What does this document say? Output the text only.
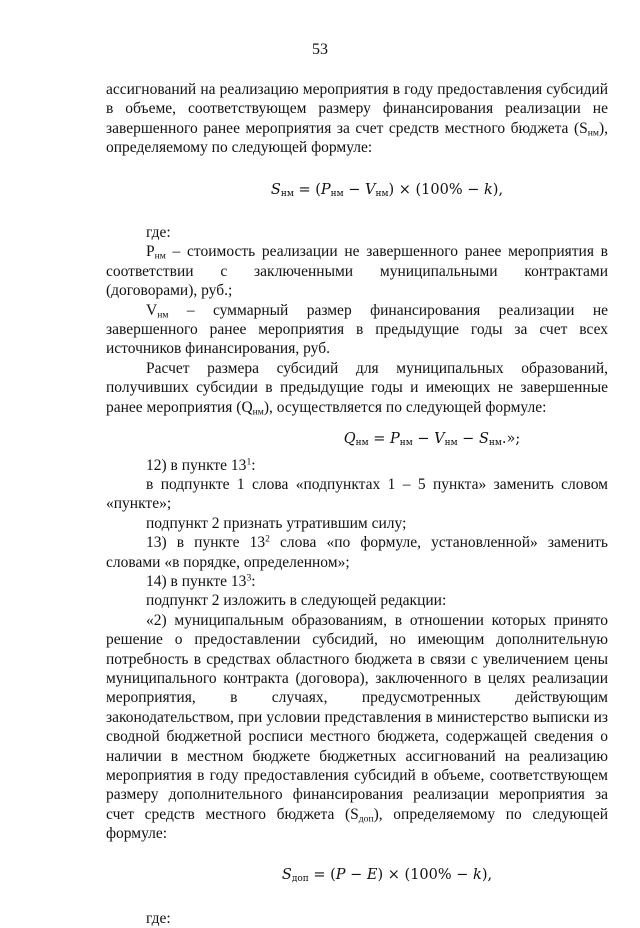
53

ассигнований на реализацию мероприятия в году предоставления субсидий в объеме, соответствующем размеру финансирования реализации не завершенного ранее мероприятия за счет средств местного бюджета $(S_{нм})$, определяемому по следующей формуле:

$S_{нм} = (P_{нм} - V_{нм}) \times (100\% - k)$,

где:

$P_{нм}$ – стоимость реализации не завершенного ранее мероприятия в соответствии с заключенными муниципальными контрактами (договорами), руб.;

$V_{нм}$ – суммарный размер финансирования реализации не завершенного ранее мероприятия в предыдущие годы за счет всех источников финансирования, руб.

Расчет размера субсидий для муниципальных образований, получивших субсидии в предыдущие годы и имеющих не завершенные ранее мероприятия $(Q_{нм})$, осуществляется по следующей формуле:

$Q_{нм} = P_{нм} - V_{нм} - S_{нм}$.»;

12) в пункте $13^1$:

в подпункте 1 слова «подпунктах 1 – 5 пункта» заменить словом «пункте»;

подпункт 2 признать утратившим силу;

13) в пункте $13^2$ слова «по формуле, установленной» заменить словами «в порядке, определенном»;

14) в пункте $13^3$:

подпункт 2 изложить в следующей редакции:

«2) муниципальным образованиям, в отношении которых принято решение о предоставлении субсидий, но имеющим дополнительную потребность в средствах областного бюджета в связи с увеличением цены муниципального контракта (договора), заключенного в целях реализации мероприятия, в случаях, предусмотренных действующим законодательством, при условии представления в министерство выписки из сводной бюджетной росписи местного бюджета, содержащей сведения о наличии в местном бюджете бюджетных ассигнований на реализацию мероприятия в году предоставления субсидий в объеме, соответствующем размеру дополнительного финансирования реализации мероприятия за счет средств местного бюджета $(S_{доп})$, определяемому по следующей формуле:

$S_{доп} = (P - E) \times (100\% - k)$,

где:
